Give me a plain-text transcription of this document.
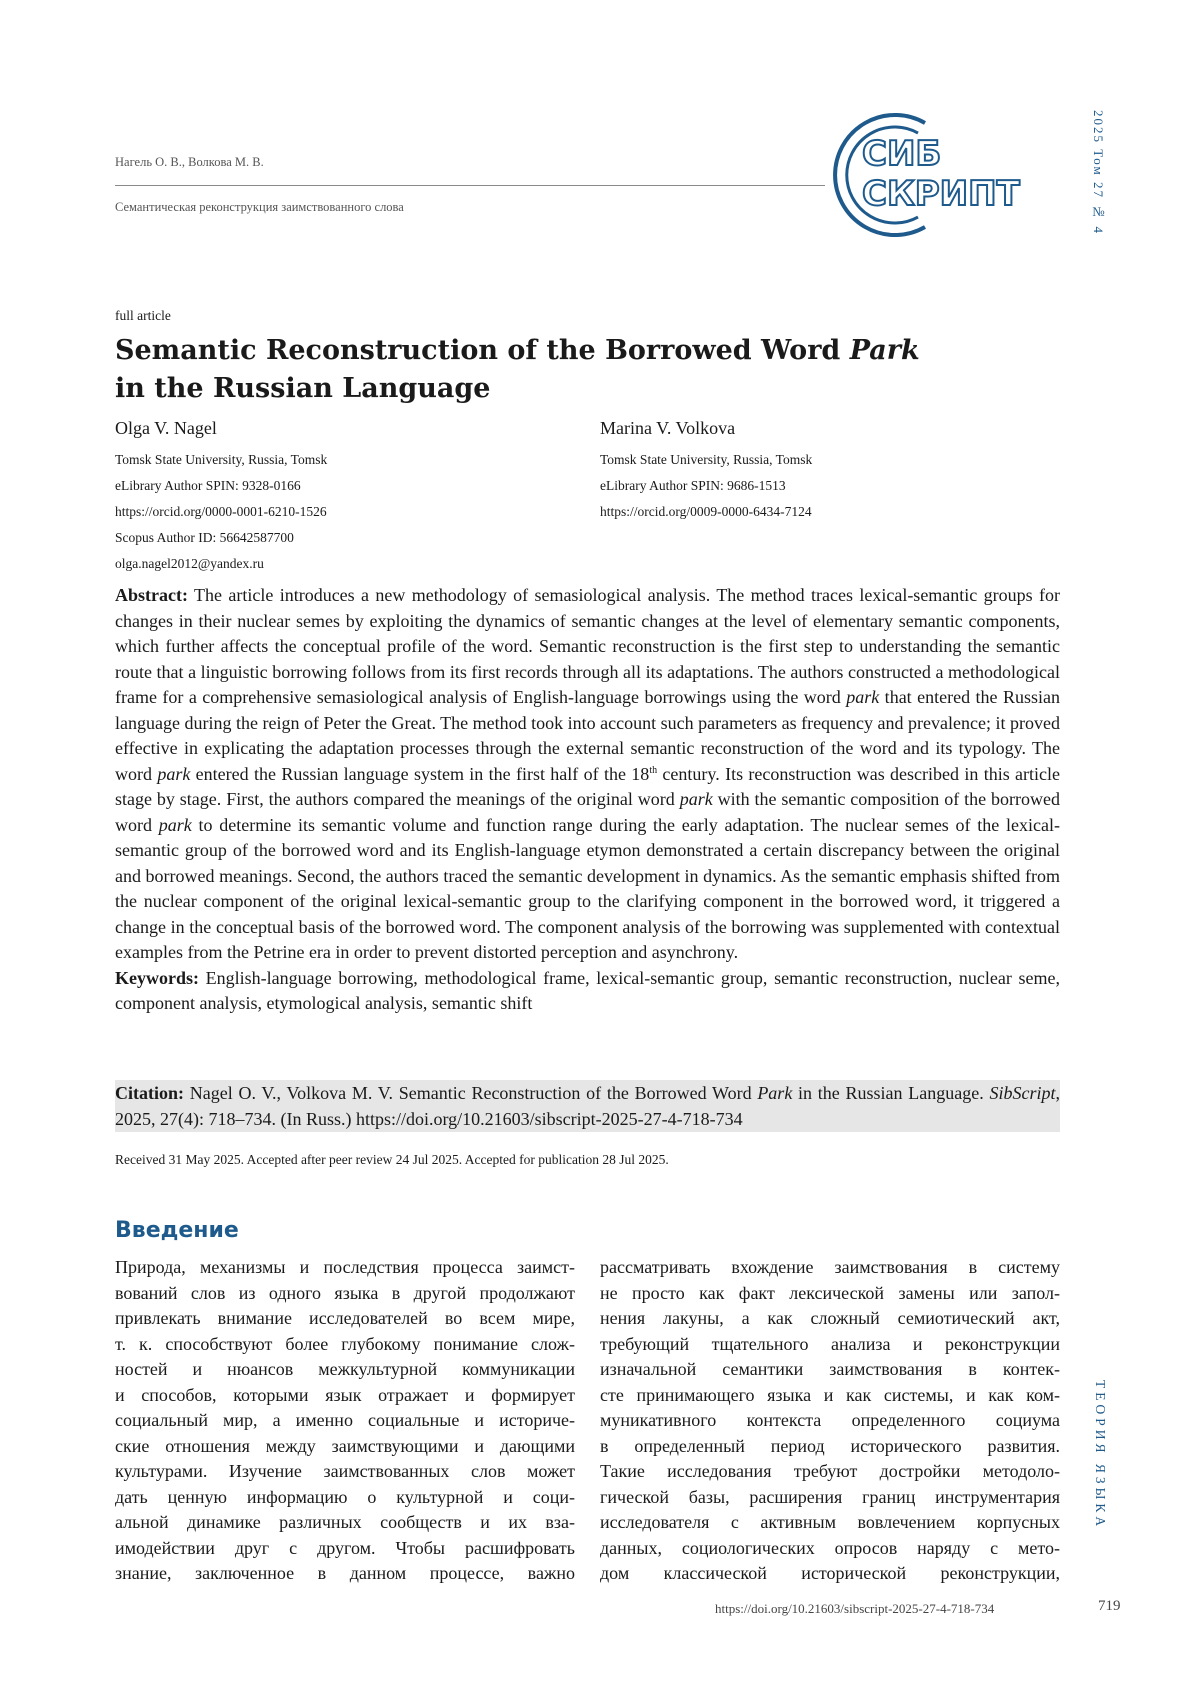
Нагель О. В., Волкова М. В.
Семантическая реконструкция заимствованного слова
СИБ
СКРИПТ	2025 Том 27 № 4
ТЕОРИЯ ЯЗЫКА
full article
Semantic Reconstruction of the Borrowed Word Park
in the Russian Language
Olga V. Nagel
Tomsk State University, Russia, Tomsk
eLibrary Author SPIN: 9328-0166
https://orcid.org/0000-0001-6210-1526
Scopus Author ID: 56642587700
olga.nagel2012@yandex.ru
Marina V. Volkova
Tomsk State University, Russia, Tomsk
eLibrary Author SPIN: 9686-1513
https://orcid.org/0009-0000-6434-7124

Abstract: The article introduces a new methodology of semasiological analysis. The method traces lexical-semantic groups for changes in their nuclear semes by exploiting the dynamics of semantic changes at the level of elementary semantic components, which further affects the conceptual profile of the word. Semantic reconstruction is the first step to understanding the semantic route that a linguistic borrowing follows from its first records through all its adaptations. The authors constructed a methodological frame for a comprehensive semasiological analysis of English-language borrowings using the word park that entered the Russian language during the reign of Peter the Great. The method took into account such parameters as frequency and prevalence; it proved effective in explicating the adaptation processes through the external semantic reconstruction of the word and its typology. The word park entered the Russian language system in the first half of the 18th century. Its reconstruction was described in this article stage by stage. First, the authors compared the meanings of the original word park with the semantic composition of the borrowed word park to determine its semantic volume and function range during the early adaptation. The nuclear semes of the lexical-semantic group of the borrowed word and its English-language etymon demonstrated a certain discrepancy between the original and borrowed meanings. Second, the authors traced the semantic development in dynamics. As the semantic emphasis shifted from the nuclear component of the original lexical-semantic group to the clarifying component in the borrowed word, it triggered a change in the conceptual basis of the borrowed word. The component analysis of the borrowing was supplemented with contextual examples from the Petrine era in order to prevent distorted perception and asynchrony.

Keywords: English-language borrowing, methodological frame, lexical-semantic group, semantic reconstruction, nuclear seme, component analysis, etymological analysis, semantic shift

Citation: Nagel O. V., Volkova M. V. Semantic Reconstruction of the Borrowed Word Park in the Russian Language. SibScript, 2025, 27(4): 718–734. (In Russ.) https://doi.org/10.21603/sibscript-2025-27-4-718-734
Received 31 May 2025. Accepted after peer review 24 Jul 2025. Accepted for publication 28 Jul 2025.
Введение
Природа, механизмы и последствия процесса заимст-
вований слов из одного языка в другой продолжают
привлекать внимание исследователей во всем мире,
т. к. способствуют более глубокому понимание слож-
ностей и нюансов межкультурной коммуникации
и способов, которыми язык отражает и формирует
социальный мир, а именно социальные и историче-
ские отношения между заимствующими и дающими
культурами. Изучение заимствованных слов может
дать ценную информацию о культурной и соци-
альной динамике различных сообществ и их вза-
имодействии друг с другом. Чтобы расшифровать
знание, заключенное в данном процессе, важно
рассматривать вхождение заимствования в систему
не просто как факт лексической замены или запол-
нения лакуны, а как сложный семиотический акт,
требующий тщательного анализа и реконструкции
изначальной семантики заимствования в контек-
сте принимающего языка и как системы, и как ком-
муникативного контекста определенного социума
в определенный период исторического развития.
Такие исследования требуют достройки методоло-
гической базы, расширения границ инструментария
исследователя с активным вовлечением корпусных
данных, социологических опросов наряду с мето-
дом классической исторической реконструкции,
https://doi.org/10.21603/sibscript-2025-27-4-718-734	719
